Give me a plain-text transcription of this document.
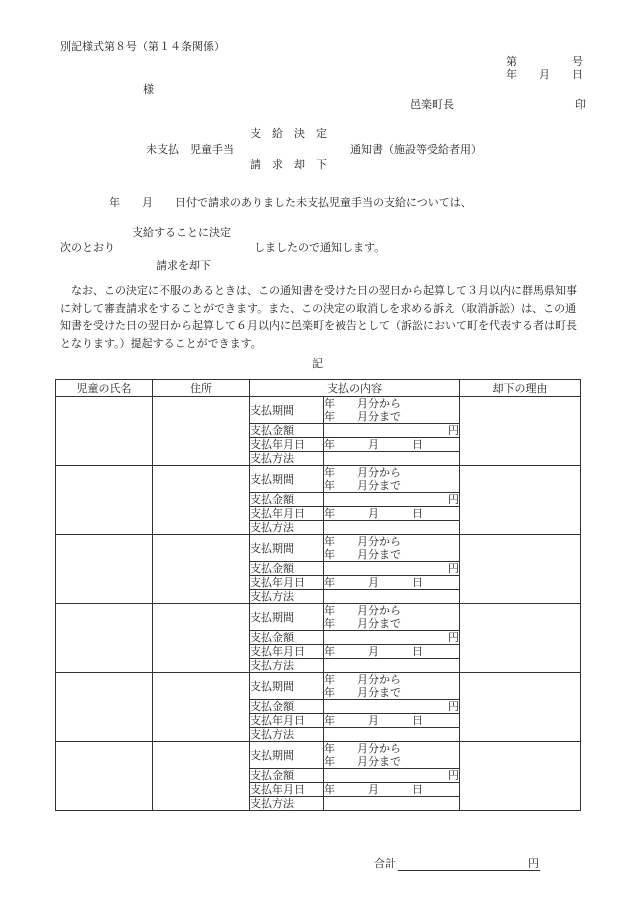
別記様式第８号（第１４条関係）
第　　　　　号
年　　月　　日
様
邑楽町長	印
支　給　決　定
未支払　児童手当	通知書（施設等受給者用）
請　求　却　下
年　　月　　日付で請求のありました未支払児童手当の支給については、
支給することに決定
次のとおり	しましたので通知します。
請求を却下
なお、この決定に不服のあるときは、この通知書を受けた日の翌日から起算して３月以内に群馬県知事に対して審査請求をすることができます。また、この決定の取消しを求める訴え（取消訴訟）は、この通知書を受けた日の翌日から起算して６月以内に邑楽町を被告として（訴訟において町を代表する者は町長となります。）提起することができます。
記
児童の氏名	住所	支払の内容		却下の理由
		支払期間	年　　月分から
年　　月分まで	

		支払金額	円	
		支払年月日	年　　　月　　　日	
		支払方法		
		支払期間	年　　月分から
年　　月分まで	

		支払金額	円	
		支払年月日	年　　　月　　　日	
		支払方法		
		支払期間	年　　月分から
年　　月分まで	

		支払金額	円	
		支払年月日	年　　　月　　　日	
		支払方法		
		支払期間	年　　月分から
年　　月分まで	

		支払金額	円	
		支払年月日	年　　　月　　　日	
		支払方法		
		支払期間	年　　月分から
年　　月分まで	

		支払金額	円	
		支払年月日	年　　　月　　　日	
		支払方法		
		支払期間	年　　月分から
年　　月分まで	

		支払金額	円	
		支払年月日	年　　　月　　　日	
		支払方法		
合計	円
